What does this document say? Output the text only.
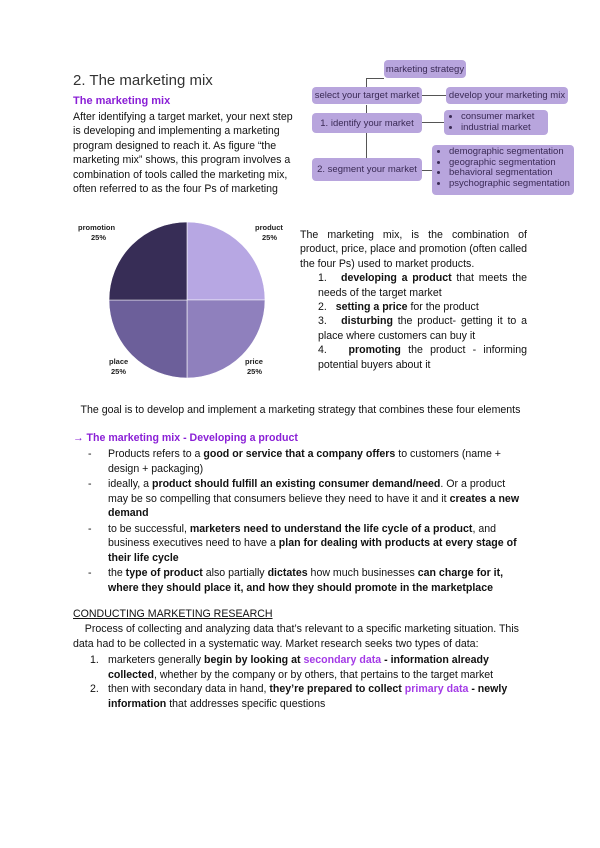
2. The marketing mix
The marketing mix
After identifying a target market, your next step is developing and implementing a marketing program designed to reach it. As figure “the marketing mix” shows, this program involves a combination of tools called the marketing mix, often referred to as the four Ps of marketing
marketing strategy
select your target market	develop your marketing mix
1. identify your market
• consumer market
• industrial market
2. segment your market
• demographic segmentation
• geographic segmentation
• behavioral segmentation
• psychographic segmentation
promotion
25%
product
25%
place
25%
price
25%

The marketing mix, is the combination of product, price, place and promotion (often called the four Ps) used to market products.

1. developing a product that meets the needs of the target market

2. setting a price for the product

3. disturbing the product- getting it to a place where customers can buy it

4. promoting the product - informing potential buyers about it

The goal is to develop and implement a marketing strategy that combines these four elements
→ The marketing mix - Developing a product
- Products refers to a good or service that a company offers to customers (name + design + packaging)
- ideally, a product should fulfill an existing consumer demand/need. Or a product may be so compelling that consumers believe they need to have it and it creates a new demand
- to be successful, marketers need to understand the life cycle of a product, and business executives need to have a plan for dealing with products at every stage of their life cycle
- the type of product also partially dictates how much businesses can charge for it, where they should place it, and how they should promote in the marketplace
CONDUCTING MARKETING RESEARCH
Process of collecting and analyzing data that’s relevant to a specific marketing situation. This data had to be collected in a systematic way. Market research seeks two types of data:
1. marketers generally begin by looking at secondary data - information already collected, whether by the company or by others, that pertains to the target market
2. then with secondary data in hand, they’re prepared to collect primary data - newly information that addresses specific questions
